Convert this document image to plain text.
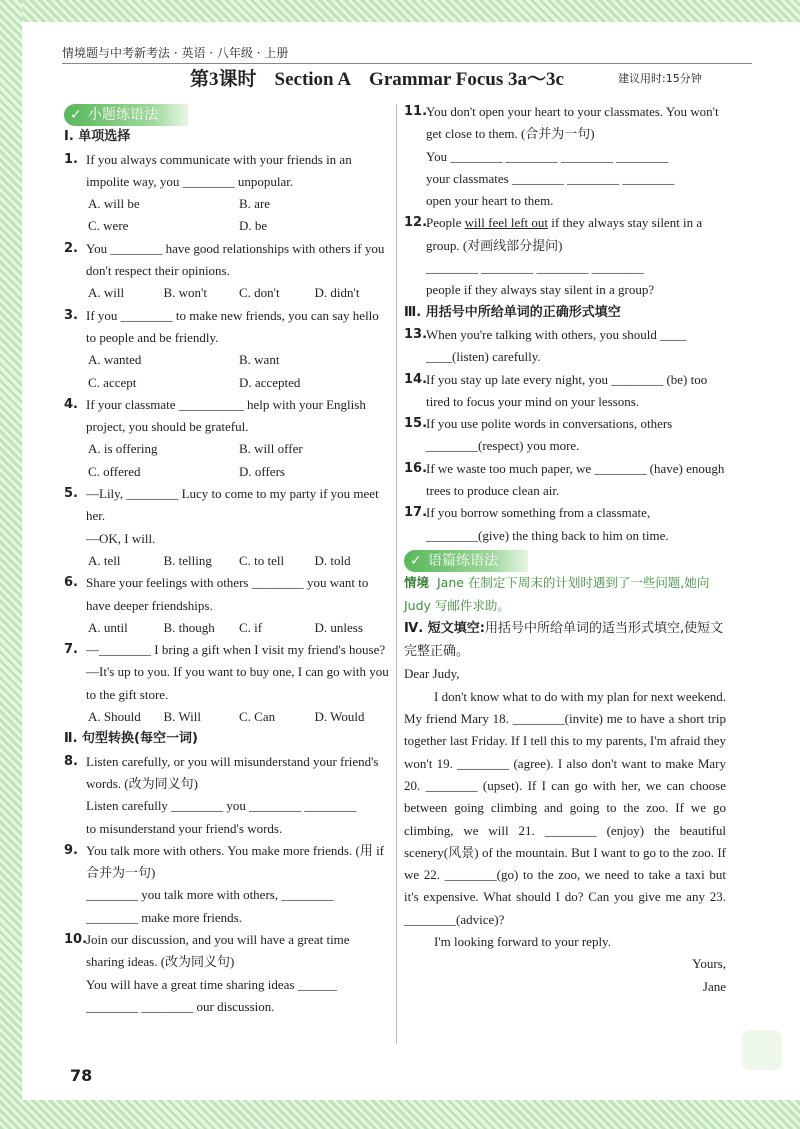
情境题与中考新考法 · 英语 · 八年级 · 上册
第3课时 Section A Grammar Focus 3a～3c	建议用时:15分钟
✓ 小题练语法
Ⅰ. 单项选择
1. If you always communicate with your friends in an impolite way, you ________ unpopular.
A. will be	B. are
C. were	D. be
2. You ________ have good relationships with others if you don't respect their opinions.
A. will	B. won't	C. don't	D. didn't
3. If you ________ to make new friends, you can say hello to people and be friendly.
A. wanted	B. want
C. accept	D. accepted
4. If your classmate __________ help with your English project, you should be grateful.
A. is offering	B. will offer
C. offered	D. offers
5. —Lily, ________ Lucy to come to my party if you meet her.
—OK, I will.
A. tell	B. telling	C. to tell	D. told
6. Share your feelings with others ________ you want to have deeper friendships.
A. until	B. though	C. if	D. unless
7. —________ I bring a gift when I visit my friend's house?
—It's up to you. If you want to buy one, I can go with you to the gift store.
A. Should	B. Will	C. Can	D. Would
Ⅱ. 句型转换(每空一词)
8. Listen carefully, or you will misunderstand your friend's words. (改为同义句)
Listen carefully ________ you ________ ________
to misunderstand your friend's words.
9. You talk more with others. You make more friends. (用 if 合并为一句)
________ you talk more with others, ________
________ make more friends.
10.
Join our discussion, and you will have a great time sharing ideas. (改为同义句)
You will have a great time sharing ideas ______
________ ________ our discussion.
11.
You don't open your heart to your classmates. You won't get close to them. (合并为一句)
You ________ ________ ________ ________
your classmates ________ ________ ________
open your heart to them.
12.
People will feel left out if they always stay silent in a group. (对画线部分提问)
________ ________ ________ ________
people if they always stay silent in a group?
Ⅲ. 用括号中所给单词的正确形式填空
13.
When you're talking with others, you should ____ ____(listen) carefully.
14.
If you stay up late every night, you ________ (be) too tired to focus your mind on your lessons.
15.
If you use polite words in conversations, others ________(respect) you more.
16.
If we waste too much paper, we ________ (have) enough trees to produce clean air.
17.
If you borrow something from a classmate, ________(give) the thing back to him on time.
✓ 语篇练语法
情境 Jane 在制定下周末的计划时遇到了一些问题,她向 Judy 写邮件求助。
Ⅳ. 短文填空:用括号中所给单词的适当形式填空,使短文完整正确。

Dear Judy,

I don't know what to do with my plan for next weekend. My friend Mary 18. ________(invite) me to have a short trip together last Friday. If I tell this to my parents, I'm afraid they won't 19. ________ (agree). I also don't want to make Mary 20. ________ (upset). If I can go with her, we can choose between going climbing and going to the zoo. If we go climbing, we will 21. ________ (enjoy) the beautiful scenery(风景) of the mountain. But I want to go to the zoo. If we 22. ________(go) to the zoo, we need to take a taxi but it's expensive. What should I do? Can you give me any 23. ________(advice)?

I'm looking forward to your reply.

Yours,

Jane

78
